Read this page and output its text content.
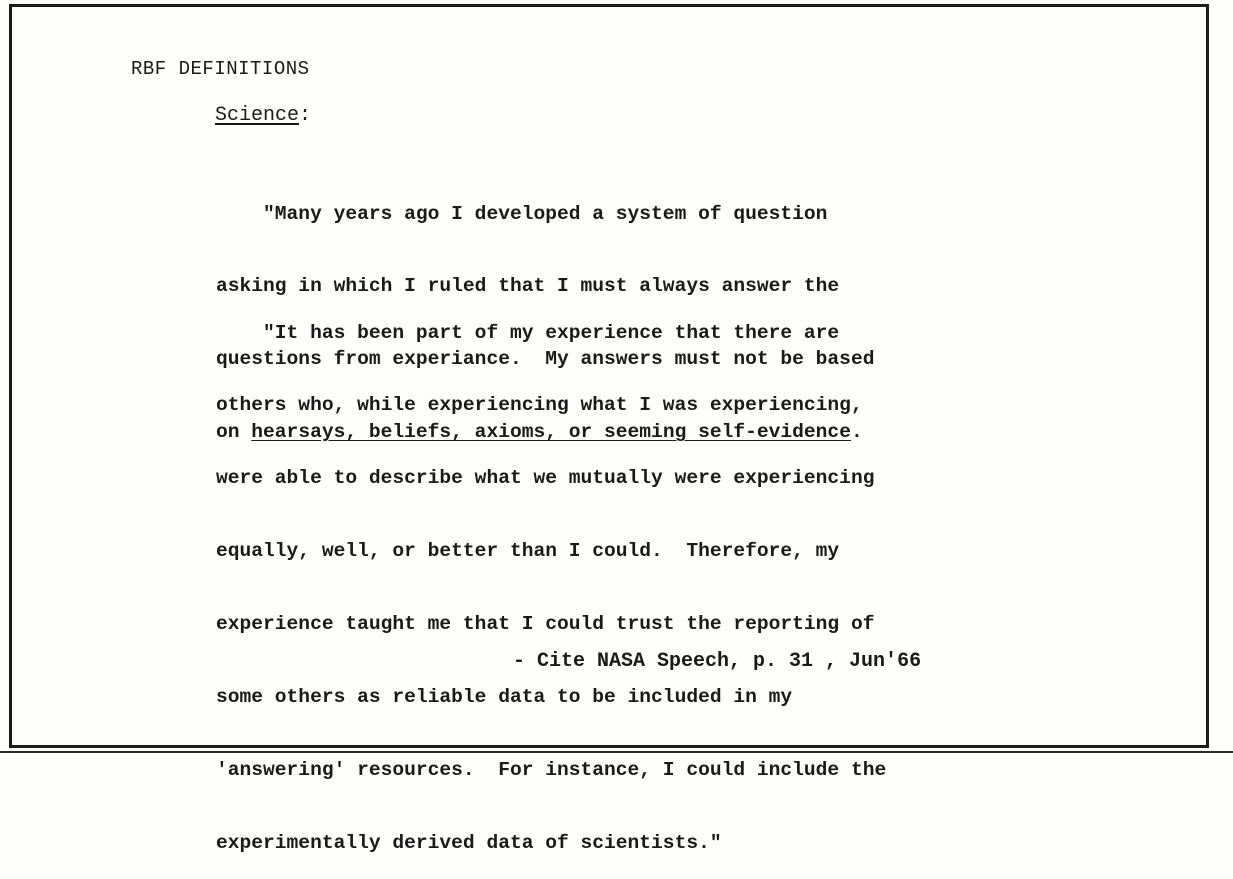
RBF DEFINITIONS
Science:

"Many years ago I developed a system of question

asking in which I ruled that I must always answer the

questions from experiance.  My answers must not be based

on hearsays, beliefs, axioms, or seeming self-evidence.

"It has been part of my experience that there are

others who, while experiencing what I was experiencing,

were able to describe what we mutually were experiencing

equally, well, or better than I could.  Therefore, my

experience taught me that I could trust the reporting of

some others as reliable data to be included in my

'answering' resources.  For instance, I could include the

experimentally derived data of scientists."

- Cite NASA Speech, p. 31 , Jun'66
